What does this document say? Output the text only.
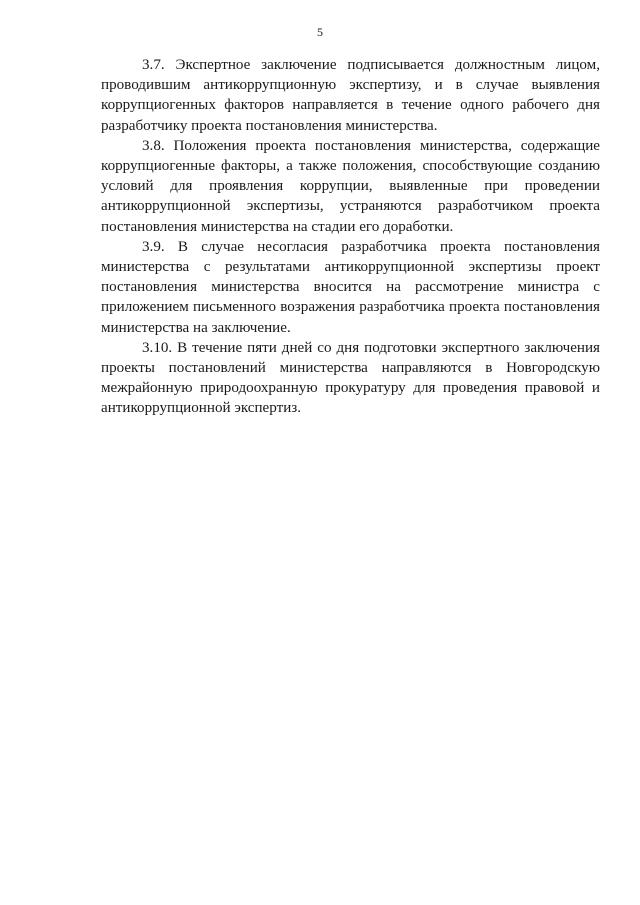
5

3.7. Экспертное заключение подписывается должностным лицом, проводившим антикоррупционную экспертизу, и в случае выявления коррупциогенных факторов направляется в течение одного рабочего дня разработчику проекта постановления министерства.

3.8. Положения проекта постановления министерства, содержащие коррупциогенные факторы, а также положения, способствующие созданию условий для проявления коррупции, выявленные при проведении антикоррупционной экспертизы, устраняются разработчиком проекта постановления министерства на стадии его доработки.

3.9. В случае несогласия разработчика проекта постановления министерства с результатами антикоррупционной экспертизы проект постановления министерства вносится на рассмотрение министра с приложением письменного возражения разработчика проекта постановления министерства на заключение.

3.10. В течение пяти дней со дня подготовки экспертного заключения проекты постановлений министерства направляются в Новгородскую межрайонную природоохранную прокуратуру для проведения правовой и антикоррупционной экспертиз.
